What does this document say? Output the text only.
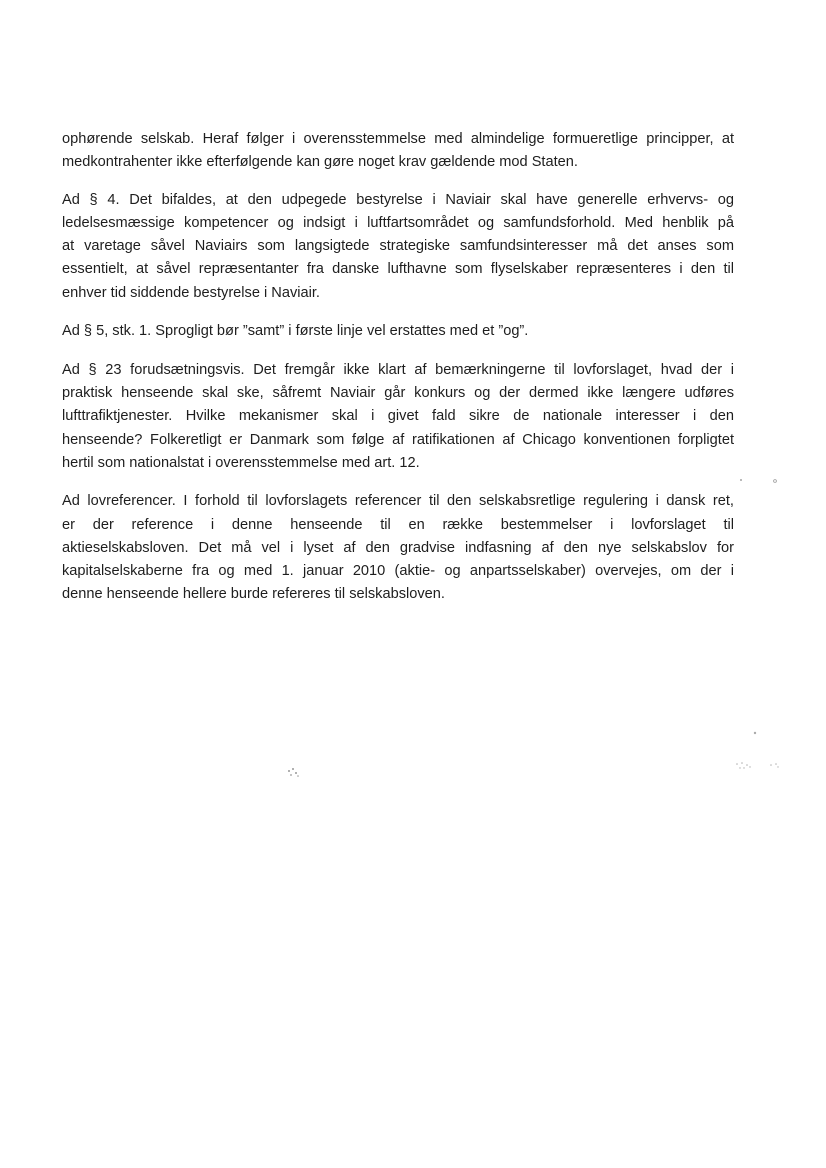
ophørende selskab. Heraf følger i overensstemmelse med almindelige formueretlige principper, at
medkontrahenter ikke efterfølgende kan gøre noget krav gældende mod Staten.
Ad § 4. Det bifaldes, at den udpegede bestyrelse i Naviair skal have generelle erhvervs- og
ledelsesmæssige kompetencer og indsigt i luftfartsområdet og samfundsforhold. Med henblik på
at varetage såvel Naviairs som langsigtede strategiske samfundsinteresser må det anses som
essentielt, at såvel repræsentanter fra danske lufthavne som flyselskaber repræsenteres i den til
enhver tid siddende bestyrelse i Naviair.
Ad § 5, stk. 1. Sprogligt bør ”samt” i første linje vel erstattes med et ”og”.
Ad § 23 forudsætningsvis. Det fremgår ikke klart af bemærkningerne til lovforslaget, hvad der i
praktisk henseende skal ske, såfremt Naviair går konkurs og der dermed ikke længere udføres
lufttrafiktjenester. Hvilke mekanismer skal i givet fald sikre de nationale interesser i den
henseende? Folkeretligt er Danmark som følge af ratifikationen af Chicago konventionen forpligtet
hertil som nationalstat i overensstemmelse med art. 12.
Ad lovreferencer. I forhold til lovforslagets referencer til den selskabsretlige regulering i dansk ret,
er der reference i denne henseende til en række bestemmelser i lovforslaget til
aktieselskabsloven. Det må vel i lyset af den gradvise indfasning af den nye selskabslov for
kapitalselskaberne fra og med 1. januar 2010 (aktie- og anpartsselskaber) overvejes, om der i
denne henseende hellere burde refereres til selskabsloven.
